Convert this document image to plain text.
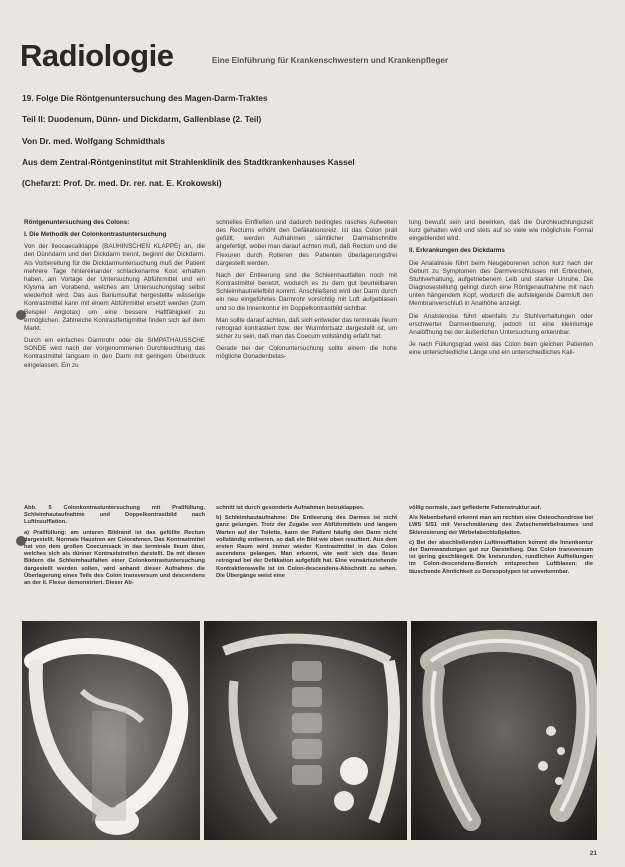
Radiologie	Eine Einführung für Krankenschwestern und Krankenpfleger
19. Folge Die Röntgenuntersuchung des Magen-Darm-Traktes
Teil II: Duodenum, Dünn- und Dickdarm, Gallenblase (2. Teil)
Von Dr. med. Wolfgang Schmidthals
Aus dem Zentral-Röntgeninstitut mit Strahlenklinik des Stadtkrankenhauses Kassel
(Chefarzt: Prof. Dr. med. Dr. rer. nat. E. Krokowski)

Röntgenuntersuchung des Colons:

I. Die Methodik der Colonkontrastuntersuchung

Von der Ileocaecalklappe (BAUHINSCHEN KLAPPE) an, die den Dünndarm und den Dickdarm trennt, beginnt der Dickdarm. Als Vorbereitung für die Dickdarmuntersuchung muß der Patient mehrere Tage hintereinander schlackenarme Kost erhalten haben, am Vortage der Untersuchung Abführmittel und ein Klysma am Vorabend, welches am Untersuchungstag selbst wiederholt wird. Das aus Bariumsulfat hergestellte wässerige Kontrastmittel kann mit einem Abführmittel ersetzt werden (zum Beispiel Angiotax) um eine bessere Haftfähigkeit zu ermöglichen. Zahlreiche Kontrastfertigmittel finden sich auf dem Markt.

Durch ein einfaches Darmrohr oder die SIMPATHAUSSCHE SONDE wird nach der vorgenommenen Durchleuchtung das Kontrastmittel langsam in den Darm mit geringem Überdruck eingelassen. Ein zu

schnelles Einfließen und dadurch bedingtes rasches Aufweiten des Rectums erhöht den Defäkationsreiz. Ist das Colon prall gefüllt, werden Aufnahmen sämtlicher Darmabschnitte angefertigt, wobei man darauf achten muß, daß Rectum und die Flexuren durch Rotieren des Patienten überlagerungsfrei dargestellt werden.

Nach der Entleerung sind die Schleimhautfalten noch mit Kontrastmittel benetzt, wodurch es zu dem gut beurteilbaren Schleimhautreliefbild kommt. Anschließend wird der Darm durch ein neu eingeführtes Darmrohr vorsichtig mit Luft aufgeblasen und so die Innenkontur im Doppelkontrastbild sichtbar.

Man sollte darauf achten, daß sich entweder das terminale Ileum retrograd kontrastiert bzw. der Wurmfortsatz dargestellt ist, um sicher zu sein, daß man das Coecum vollständig erfaßt hat.

Gerade bei der Colonuntersuchung sollte einem die hohe mögliche Gonadenbelas-

tung bewußt sein und bewirken, daß die Durchleuchtungszeit kurz gehalten wird und stets auf so viele wie möglichste Formal eingeblendet wird.

II. Erkrankungen des Dickdarms

Die Analatresie führt beim Neugeborenen schon kurz nach der Geburt zu Symptomen des Darmverschlusses mit Erbrechen, Stuhlverhaltung, aufgetriebenem Leib und starker Unruhe. Die Diagnosestellung gelingt durch eine Röntgenaufnahme mit nach unten hängendem Kopf, wodurch die aufsteigende Darmluft den Membranverschluß in Analhöhe anzeigt.

Die Analstenose führt ebenfalls zu Stuhlverhaltungen oder erschwerter Darmentleerung, jedoch ist eine kleinlumige Analöffnung bei der äußerlichen Untersuchung erkennbar.

Je nach Füllungsgrad weist das Colon beim gleichen Patienten eine unterschiedliche Länge und ein unterschiedliches Kali-

Abb. 5 Colonkontrastuntersuchung mit Prallfüllung, Schleimhautaufnahme und Doppelkontrastbild nach Luftinsufflation.

a) Prallfüllung: am unteren Bildrand ist das gefüllte Rectum dargestellt. Normale Haustren am Colorahmen. Das Kontrastmittel hat von dem großen Coecumsack in das terminale Ileum über, welches sich als dünner Kontraststreifen darstellt. Da mit diesen Bildern die Schleimhautfalten einer Colonkontrastuntersuchung dargestellt werden sollen, wird anhand dieser Aufnahme die Überlagerung eines Teils des Colon transversum und descendens an der li. Flexur demonstriert. Dieser Ab-

schnitt ist durch gesonderte Aufnahmen beizuklappen.

b) Schleimhautaufnahme: Die Entleerung des Darmes ist nicht ganz gelungen. Trotz der Zugabe von Abführmitteln und langem Warten auf der Toilette, kann der Patient häufig den Darm nicht vollständig entleeren, so daß ein Bild wie oben resultiert. Aus dem ersten Raum wird immer wieder Kontrastmittel in das Colon ascendens gelangen. Man erkennt, wie weit sich das Ileum retrograd bei der Defäkation aufgefüllt hat. Eine vorwärtsziehende Kontraktionswelle ist im Colon-descendens-Abschnitt zu sehen. Die Übergänge weist eine

völlig normale, zart gefiederte Faltenstruktur auf.

Als Nebenbefund erkennt man am rechten eine Osteochondrose bei LWS 5/S1 mit Verschmälerung des Zwischenwirbelraumes und Sklerosierung der Wirbelabschlußplatten.

c) Bei der abschließenden Luftinsufflation kommt die Innenkontur der Darmwandungen gut zur Darstellung. Das Colon transversum ist gering geschlängelt. Die kreisrunden, rundlichen Aufhellungen im Colon-descendens-Bereich entsprechen Luftblasen; die täuschende Ähnlichkeit zu Dorsopolypen ist unverkennbar.

21
